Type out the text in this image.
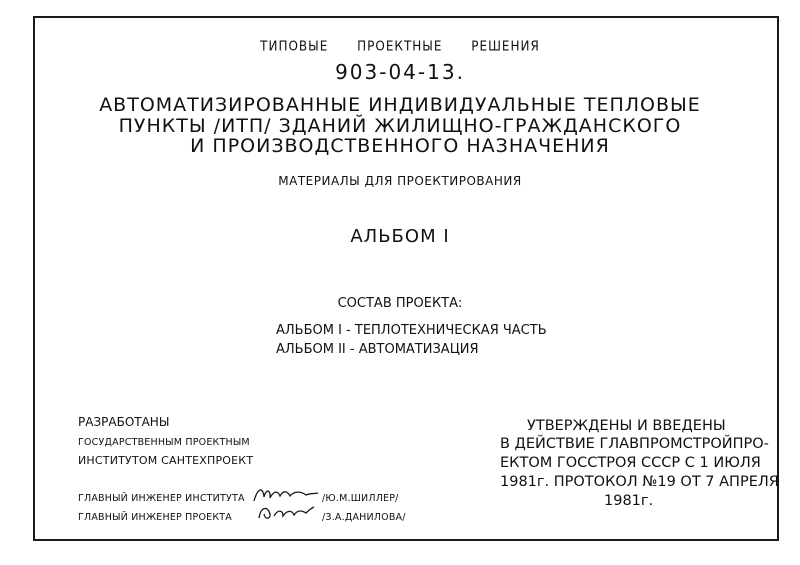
ТИПОВЫЕ ПРОЕКТНЫЕ РЕШЕНИЯ
903-04-13.
АВТОМАТИЗИРОВАННЫЕ ИНДИВИДУАЛЬНЫЕ ТЕПЛОВЫЕ
ПУНКТЫ /ИТП/ ЗДАНИЙ ЖИЛИЩНО-ГРАЖДАНСКОГО
И ПРОИЗВОДСТВЕННОГО НАЗНАЧЕНИЯ
МАТЕРИАЛЫ ДЛЯ ПРОЕКТИРОВАНИЯ
АЛЬБОМ I
СОСТАВ ПРОЕКТА:
АЛЬБОМ I - ТЕПЛОТЕХНИЧЕСКАЯ ЧАСТЬ
АЛЬБОМ II - АВТОМАТИЗАЦИЯ
РАЗРАБОТАНЫ
ГОСУДАРСТВЕННЫМ ПРОЕКТНЫМ
ИНСТИТУТОМ САНТЕХПРОЕКТ
ГЛАВНЫЙ ИНЖЕНЕР ИНСТИТУТА	/Ю.М.ШИЛЛЕР/
ГЛАВНЫЙ ИНЖЕНЕР ПРОЕКТА	/З.А.ДАНИЛОВА/
УТВЕРЖДЕНЫ И ВВЕДЕНЫ
В ДЕЙСТВИЕ ГЛАВПРОМСТРОЙПРО-
ЕКТОМ ГОССТРОЯ СССР С 1 ИЮЛЯ
1981г. ПРОТОКОЛ №19 ОТ 7 АПРЕЛЯ
1981г.
